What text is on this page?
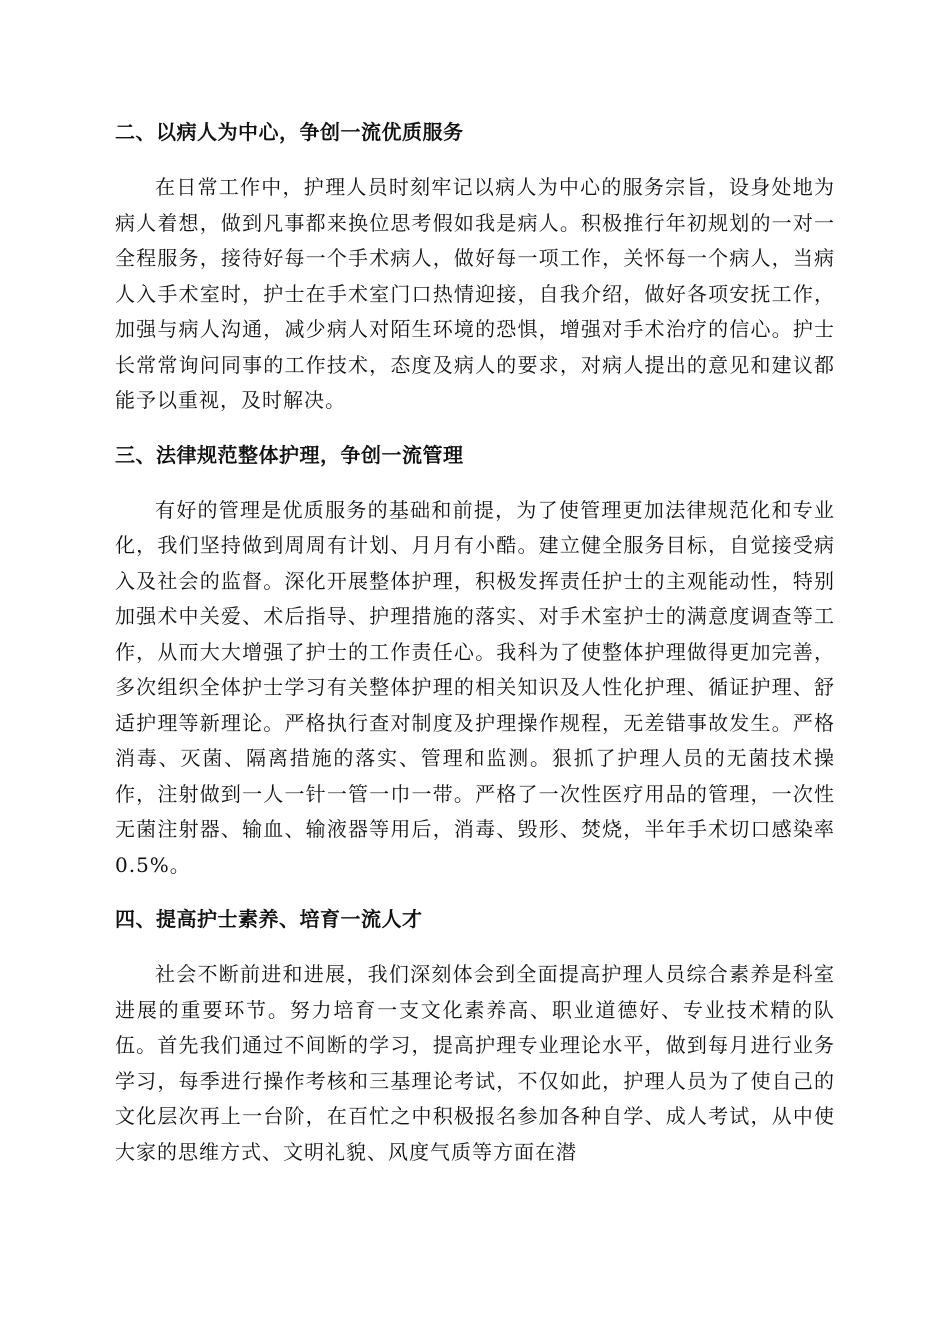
二、以病人为中心，争创一流优质服务

在日常工作中，护理人员时刻牢记以病人为中心的服务宗旨，设身处地为病人着想，做到凡事都来换位思考假如我是病人。积极推行年初规划的一对一全程服务，接待好每一个手术病人，做好每一项工作，关怀每一个病人，当病人入手术室时，护士在手术室门口热情迎接，自我介绍，做好各项安抚工作，加强与病人沟通，减少病人对陌生环境的恐惧，增强对手术治疗的信心。护士长常常询问同事的工作技术，态度及病人的要求，对病人提出的意见和建议都能予以重视，及时解决。

三、法律规范整体护理，争创一流管理

有好的管理是优质服务的基础和前提，为了使管理更加法律规范化和专业化，我们坚持做到周周有计划、月月有小酷。建立健全服务目标，自觉接受病入及社会的监督。深化开展整体护理，积极发挥责任护士的主观能动性，特别加强术中关爱、术后指导、护理措施的落实、对手术室护士的满意度调查等工作，从而大大增强了护士的工作责任心。我科为了使整体护理做得更加完善，多次组织全体护士学习有关整体护理的相关知识及人性化护理、循证护理、舒适护理等新理论。严格执行查对制度及护理操作规程，无差错事故发生。严格消毒、灭菌、隔离措施的落实、管理和监测。狠抓了护理人员的无菌技术操作，注射做到一人一针一管一巾一带。严格了一次性医疗用品的管理，一次性无菌注射器、输血、输液器等用后，消毒、毁形、焚烧，半年手术切口感染率0.5%。

四、提高护士素养、培育一流人才

社会不断前进和进展，我们深刻体会到全面提高护理人员综合素养是科室进展的重要环节。努力培育一支文化素养高、职业道德好、专业技术精的队伍。首先我们通过不间断的学习，提高护理专业理论水平，做到每月进行业务学习，每季进行操作考核和三基理论考试，不仅如此，护理人员为了使自己的文化层次再上一台阶，在百忙之中积极报名参加各种自学、成人考试，从中使大家的思维方式、文明礼貌、风度气质等方面在潜
